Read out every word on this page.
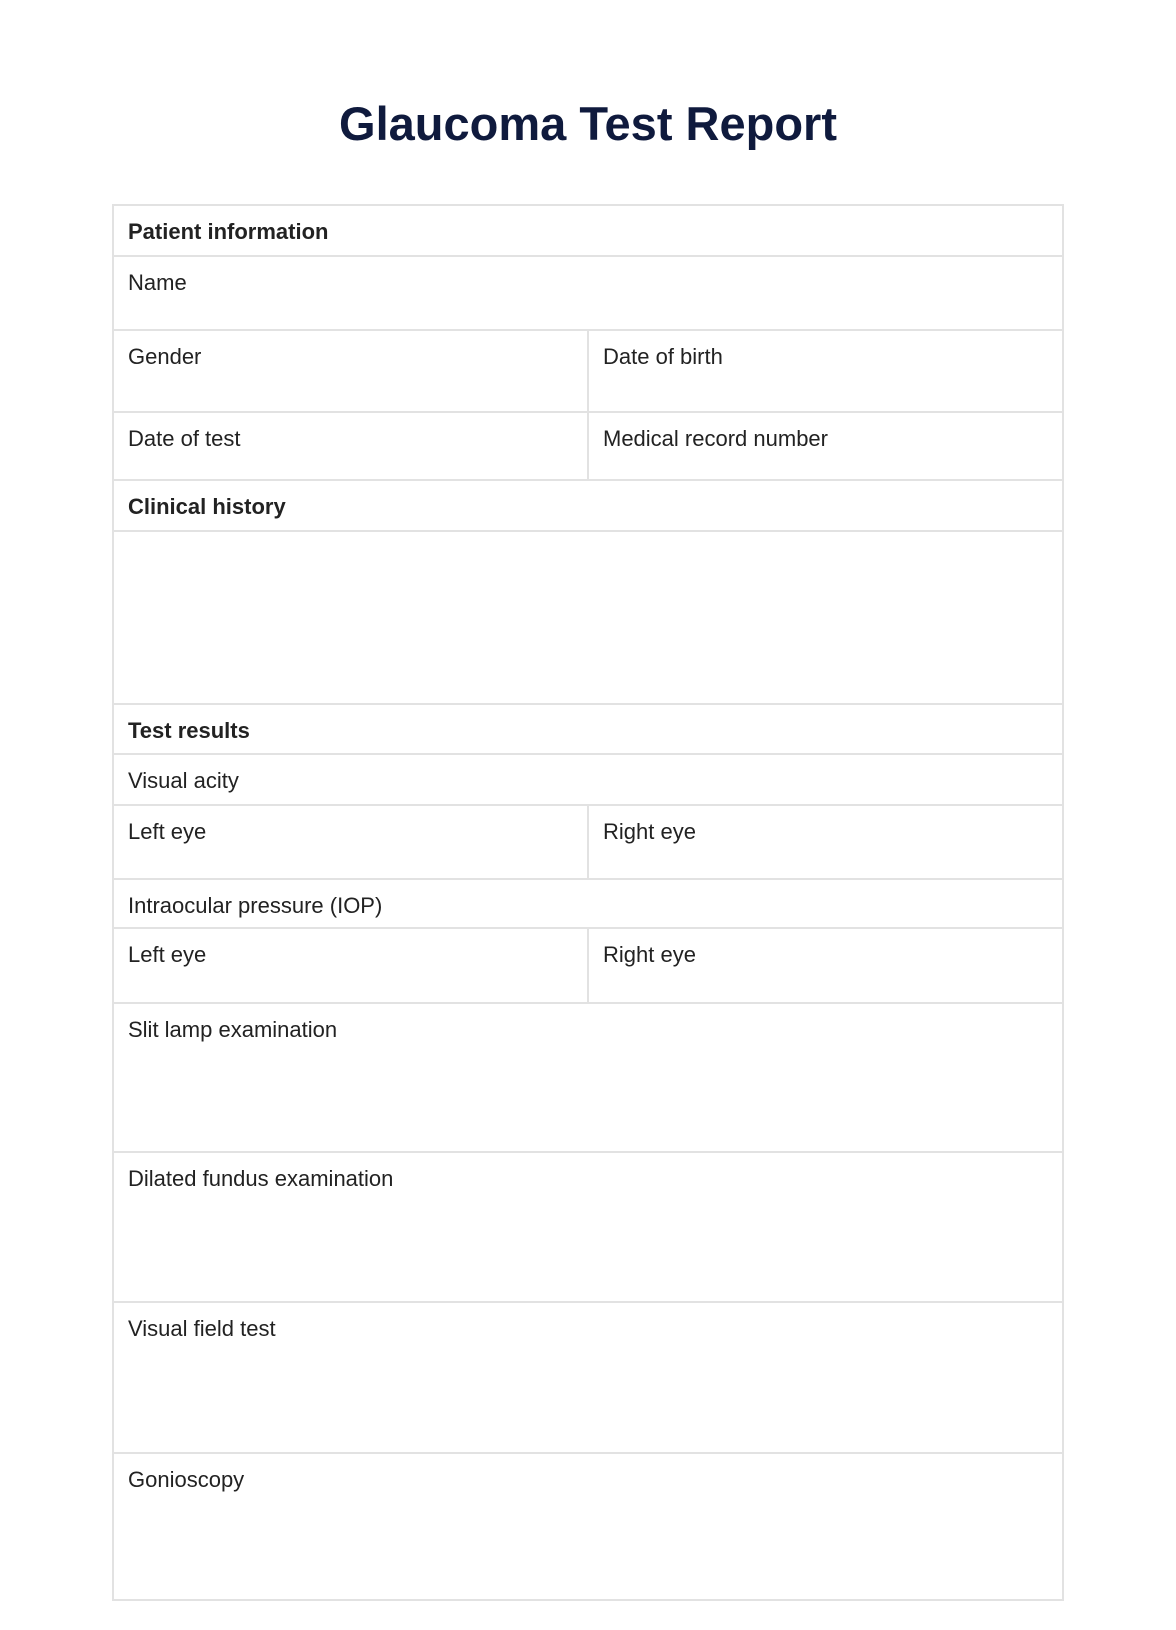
Glaucoma Test Report
Patient information
Name
Gender	Date of birth
Date of test	Medical record number
Clinical history
Test results
Visual acity
Left eye	Right eye
Intraocular pressure (IOP)
Left eye	Right eye
Slit lamp examination
Dilated fundus examination
Visual field test
Gonioscopy
